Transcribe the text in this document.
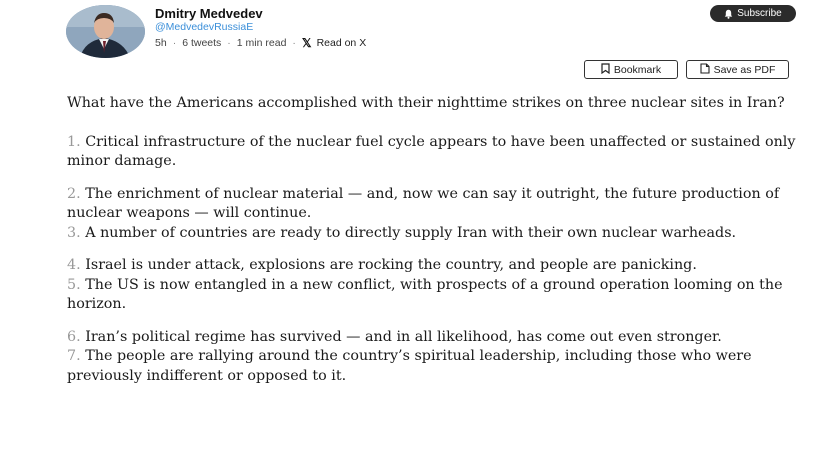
Dmitry Medvedev
@MedvedevRussiaE
5h · 6 tweets · 1 min read · 𝕏 Read on X
Subscribe
Bookmark	Save as PDF

What have the Americans accomplished with their nighttime strikes on three nuclear sites in Iran?

1. Critical infrastructure of the nuclear fuel cycle appears to have been unaffected or sustained only minor damage.

2. The enrichment of nuclear material — and, now we can say it outright, the future production of nuclear weapons — will continue.

3. A number of countries are ready to directly supply Iran with their own nuclear warheads.

4. Israel is under attack, explosions are rocking the country, and people are panicking.

5. The US is now entangled in a new conflict, with prospects of a ground operation looming on the horizon.

6. Iran’s political regime has survived — and in all likelihood, has come out even stronger.

7. The people are rallying around the country’s spiritual leadership, including those who were previously indifferent or opposed to it.
